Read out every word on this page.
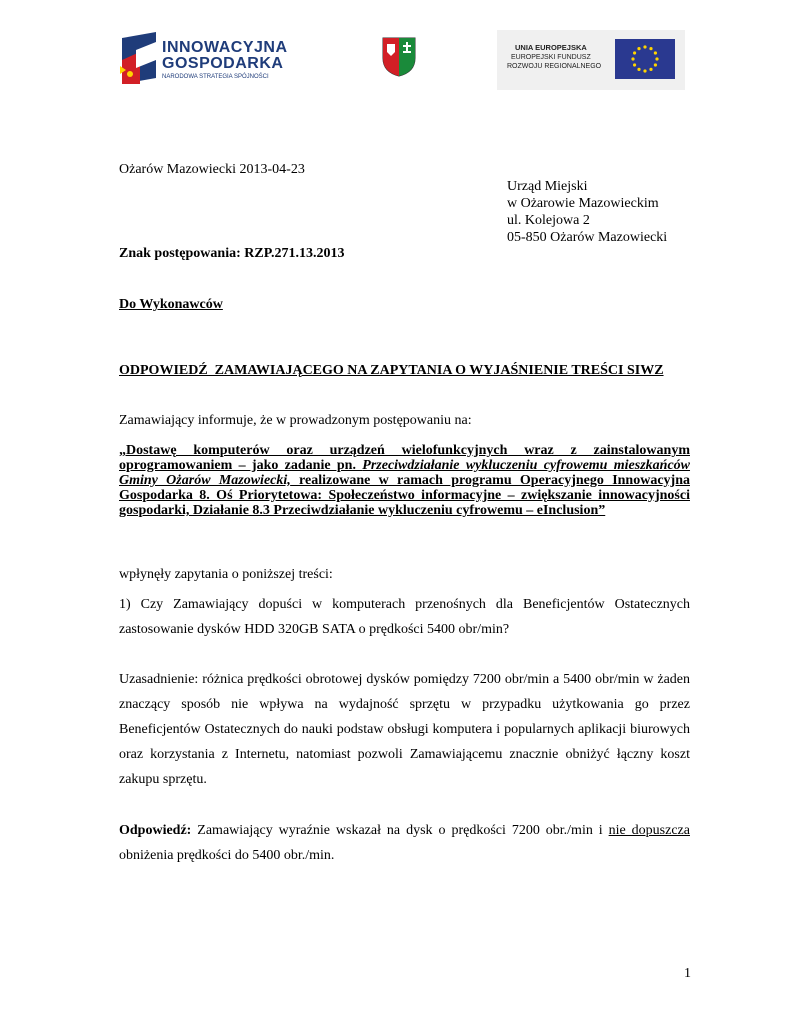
INNOWACYJNA
GOSPODARKA
NARODOWA STRATEGIA SPÓJNOŚCI
UNIA EUROPEJSKA
EUROPEJSKI FUNDUSZ
ROZWOJU REGIONALNEGO
Ożarów Mazowiecki 2013-04-23
Urząd Miejski
w Ożarowie Mazowieckim
ul. Kolejowa 2
05-850 Ożarów Mazowiecki
Znak postępowania: RZP.271.13.2013
Do Wykonawców
ODPOWIEDŹ  ZAMAWIAJĄCEGO NA ZAPYTANIA O WYJAŚNIENIE TREŚCI SIWZ
Zamawiający informuje, że w prowadzonym postępowaniu na:
„Dostawę komputerów oraz urządzeń wielofunkcyjnych wraz z zainstalowanym oprogramowaniem – jako zadanie pn. Przeciwdziałanie wykluczeniu cyfrowemu mieszkańców Gminy Ożarów Mazowiecki, realizowane w ramach programu Operacyjnego Innowacyjna Gospodarka 8. Oś Priorytetowa: Społeczeństwo informacyjne – zwiększanie innowacyjności gospodarki, Działanie 8.3 Przeciwdziałanie wykluczeniu cyfrowemu – eInclusion”
wpłynęły zapytania o poniższej treści:
1) Czy Zamawiający dopuści w komputerach przenośnych dla Beneficjentów Ostatecznych zastosowanie dysków HDD 320GB SATA o prędkości 5400 obr/min?
Uzasadnienie: różnica prędkości obrotowej dysków pomiędzy 7200 obr/min a 5400 obr/min w żaden znaczący sposób nie wpływa na wydajność sprzętu w przypadku użytkowania go przez Beneficjentów Ostatecznych do nauki podstaw obsługi komputera i popularnych aplikacji biurowych oraz korzystania z Internetu, natomiast pozwoli Zamawiającemu znacznie obniżyć łączny koszt zakupu sprzętu.
Odpowiedź: Zamawiający wyraźnie wskazał na dysk o prędkości 7200 obr./min i nie dopuszcza obniżenia prędkości do 5400 obr./min.
1
